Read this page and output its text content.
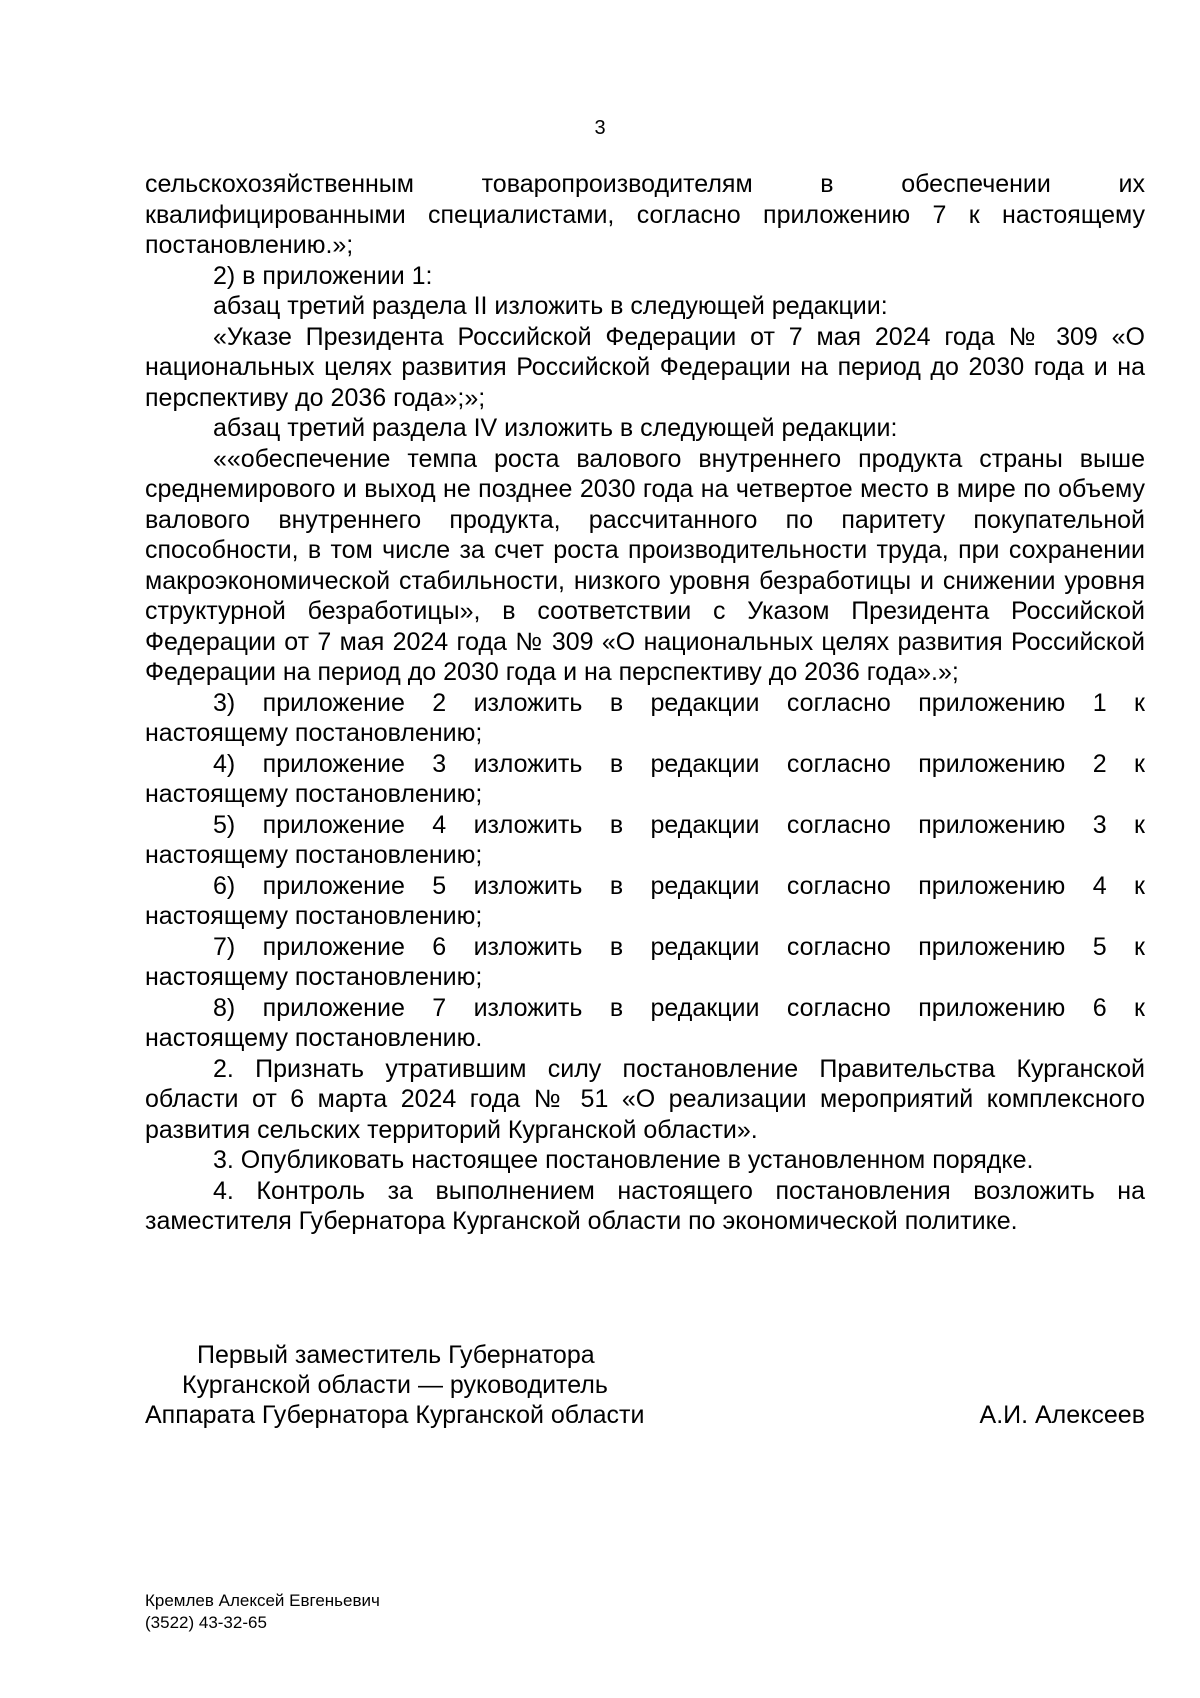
3

сельскохозяйственным товаропроизводителям в обеспечении их квалифицированными специалистами, согласно приложению 7 к настоящему постановлению.»;

2) в приложении 1:

абзац третий раздела II изложить в следующей редакции:

«Указе Президента Российской Федерации от 7 мая 2024 года № 309 «О национальных целях развития Российской Федерации на период до 2030 года и на перспективу до 2036 года»;»;

абзац третий раздела IV изложить в следующей редакции:

««обеспечение темпа роста валового внутреннего продукта страны выше среднемирового и выход не позднее 2030 года на четвертое место в мире по объему валового внутреннего продукта, рассчитанного по паритету покупательной способности, в том числе за счет роста производительности труда, при сохранении макроэкономической стабильности, низкого уровня безработицы и снижении уровня структурной безработицы», в соответствии с Указом Президента Российской Федерации от 7 мая 2024 года № 309 «О национальных целях развития Российской Федерации на период до 2030 года и на перспективу до 2036 года».»;

3) приложение 2 изложить в редакции согласно приложению 1 к

настоящему постановлению;

4) приложение 3 изложить в редакции согласно приложению 2 к

настоящему постановлению;

5) приложение 4 изложить в редакции согласно приложению 3 к

настоящему постановлению;

6) приложение 5 изложить в редакции согласно приложению 4 к

настоящему постановлению;

7) приложение 6 изложить в редакции согласно приложению 5 к

настоящему постановлению;

8) приложение 7 изложить в редакции согласно приложению 6 к

настоящему постановлению.

2. Признать утратившим силу постановление Правительства Курганской области от 6 марта 2024 года № 51 «О реализации мероприятий комплексного развития сельских территорий Курганской области».

3. Опубликовать настоящее постановление в установленном порядке.

4. Контроль за выполнением настоящего постановления возложить на заместителя Губернатора Курганской области по экономической политике.

Первый заместитель Губернатора
Курганской области — руководитель
Аппарата Губернатора Курганской области	А.И. Алексеев
Кремлев Алексей Евгеньевич
(3522) 43-32-65
